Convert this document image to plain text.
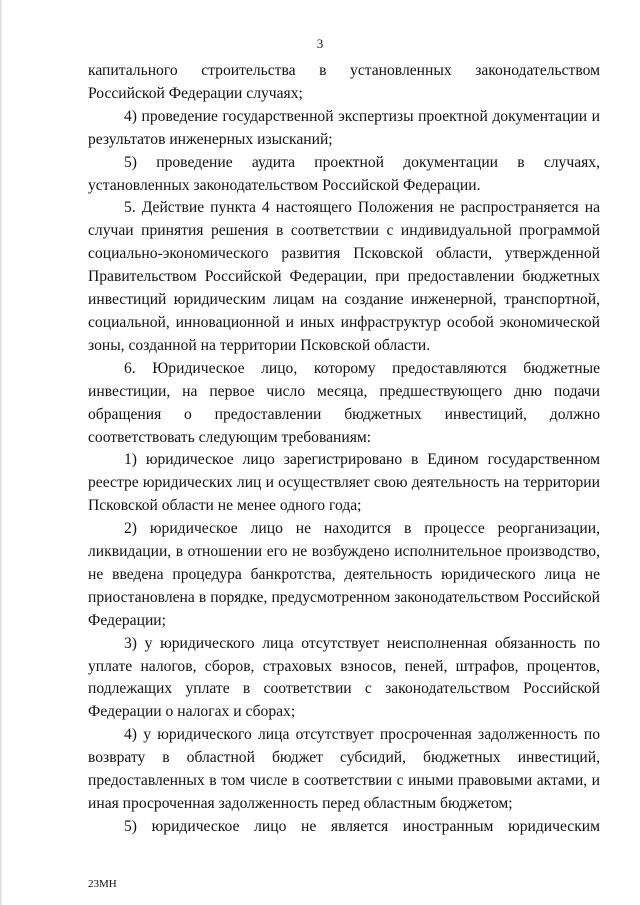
3

капитального строительства в установленных законодательством Российской Федерации случаях;

4) проведение государственной экспертизы проектной документации и результатов инженерных изысканий;

5) проведение аудита проектной документации в случаях, установленных законодательством Российской Федерации.

5. Действие пункта 4 настоящего Положения не распространяется на случаи принятия решения в соответствии с индивидуальной программой социально-экономического развития Псковской области, утвержденной Правительством Российской Федерации, при предоставлении бюджетных инвестиций юридическим лицам на создание инженерной, транспортной, социальной, инновационной и иных инфраструктур особой экономической зоны, созданной на территории Псковской области.

6. Юридическое лицо, которому предоставляются бюджетные инвестиции, на первое число месяца, предшествующего дню подачи обращения о предоставлении бюджетных инвестиций, должно соответствовать следующим требованиям:

1) юридическое лицо зарегистрировано в Едином государственном реестре юридических лиц и осуществляет свою деятельность на территории Псковской области не менее одного года;

2) юридическое лицо не находится в процессе реорганизации, ликвидации, в отношении его не возбуждено исполнительное производство, не введена процедура банкротства, деятельность юридического лица не приостановлена в порядке, предусмотренном законодательством Российской Федерации;

3) у юридического лица отсутствует неисполненная обязанность по уплате налогов, сборов, страховых взносов, пеней, штрафов, процентов, подлежащих уплате в соответствии с законодательством Российской Федерации о налогах и сборах;

4) у юридического лица отсутствует просроченная задолженность по возврату в областной бюджет субсидий, бюджетных инвестиций, предоставленных в том числе в соответствии с иными правовыми актами, и иная просроченная задолженность перед областным бюджетом;

5) юридическое лицо не является иностранным юридическим

23МН
